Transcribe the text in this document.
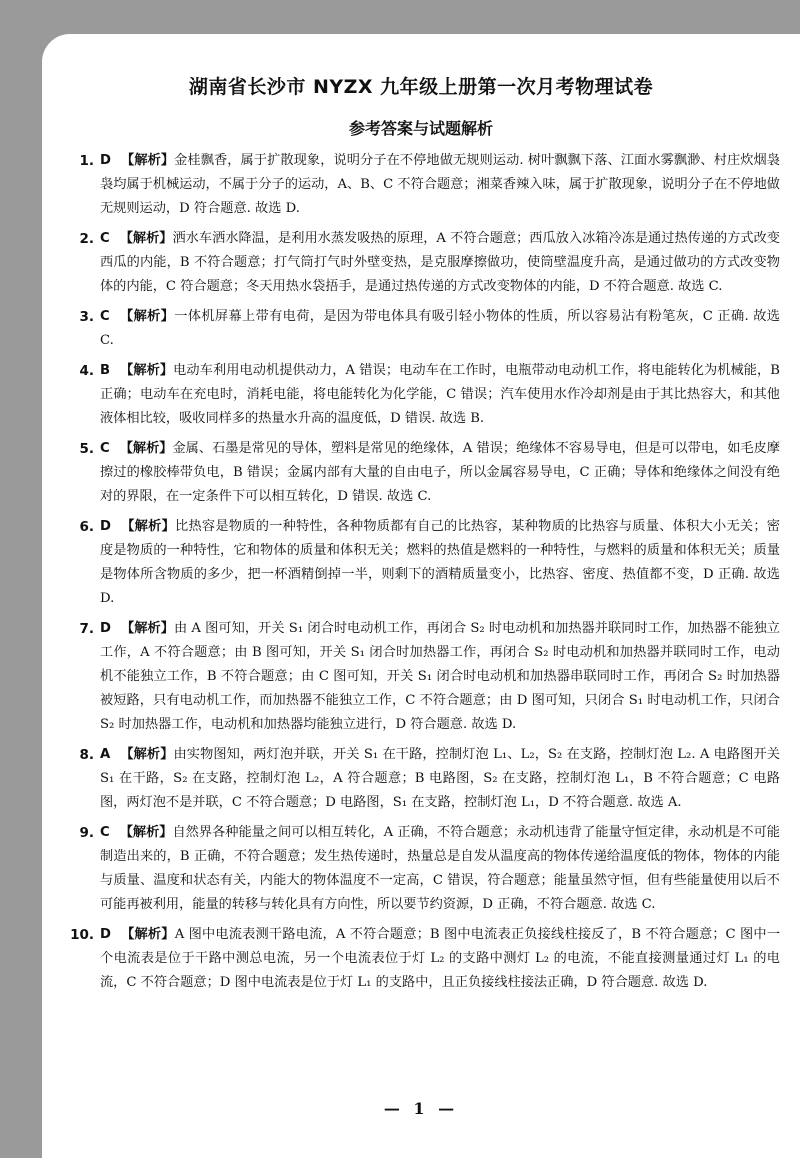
湖南省长沙市 NYZX 九年级上册第一次月考物理试卷
参考答案与试题解析
1. D 【解析】金桂飘香，属于扩散现象，说明分子在不停地做无规则运动. 树叶飘飘下落、江面水雾飘渺、村庄炊烟袅袅均属于机械运动，不属于分子的运动，A、B、C 不符合题意；湘菜香辣入味，属于扩散现象，说明分子在不停地做无规则运动，D 符合题意. 故选 D.
2. C 【解析】洒水车洒水降温，是利用水蒸发吸热的原理，A 不符合题意；西瓜放入冰箱冷冻是通过热传递的方式改变西瓜的内能，B 不符合题意；打气筒打气时外壁变热，是克服摩擦做功，使筒壁温度升高，是通过做功的方式改变物体的内能，C 符合题意；冬天用热水袋捂手，是通过热传递的方式改变物体的内能，D 不符合题意. 故选 C.
3. C 【解析】一体机屏幕上带有电荷，是因为带电体具有吸引轻小物体的性质，所以容易沾有粉笔灰，C 正确. 故选 C.
4. B 【解析】电动车利用电动机提供动力，A 错误；电动车在工作时，电瓶带动电动机工作，将电能转化为机械能，B 正确；电动车在充电时，消耗电能，将电能转化为化学能，C 错误；汽车使用水作冷却剂是由于其比热容大，和其他液体相比较，吸收同样多的热量水升高的温度低，D 错误. 故选 B.
5. C 【解析】金属、石墨是常见的导体，塑料是常见的绝缘体，A 错误；绝缘体不容易导电，但是可以带电，如毛皮摩擦过的橡胶棒带负电，B 错误；金属内部有大量的自由电子，所以金属容易导电，C 正确；导体和绝缘体之间没有绝对的界限，在一定条件下可以相互转化，D 错误. 故选 C.
6. D 【解析】比热容是物质的一种特性，各种物质都有自己的比热容，某种物质的比热容与质量、体积大小无关；密度是物质的一种特性，它和物体的质量和体积无关；燃料的热值是燃料的一种特性，与燃料的质量和体积无关；质量是物体所含物质的多少，把一杯酒精倒掉一半，则剩下的酒精质量变小，比热容、密度、热值都不变，D 正确. 故选 D.
7. D 【解析】由 A 图可知，开关 S₁ 闭合时电动机工作，再闭合 S₂ 时电动机和加热器并联同时工作，加热器不能独立工作，A 不符合题意；由 B 图可知，开关 S₁ 闭合时加热器工作，再闭合 S₂ 时电动机和加热器并联同时工作，电动机不能独立工作，B 不符合题意；由 C 图可知，开关 S₁ 闭合时电动机和加热器串联同时工作，再闭合 S₂ 时加热器被短路，只有电动机工作，而加热器不能独立工作，C 不符合题意；由 D 图可知，只闭合 S₁ 时电动机工作，只闭合 S₂ 时加热器工作，电动机和加热器均能独立进行，D 符合题意. 故选 D.
8. A 【解析】由实物图知，两灯泡并联，开关 S₁ 在干路，控制灯泡 L₁、L₂，S₂ 在支路，控制灯泡 L₂. A 电路图开关 S₁ 在干路，S₂ 在支路，控制灯泡 L₂，A 符合题意；B 电路图，S₂ 在支路，控制灯泡 L₁，B 不符合题意；C 电路图，两灯泡不是并联，C 不符合题意；D 电路图，S₁ 在支路，控制灯泡 L₁，D 不符合题意. 故选 A.
9. C 【解析】自然界各种能量之间可以相互转化，A 正确，不符合题意；永动机违背了能量守恒定律，永动机是不可能制造出来的，B 正确，不符合题意；发生热传递时，热量总是自发从温度高的物体传递给温度低的物体，物体的内能与质量、温度和状态有关，内能大的物体温度不一定高，C 错误，符合题意；能量虽然守恒，但有些能量使用以后不可能再被利用，能量的转移与转化具有方向性，所以要节约资源，D 正确，不符合题意. 故选 C.
10. D 【解析】A 图中电流表测干路电流，A 不符合题意；B 图中电流表正负接线柱接反了，B 不符合题意；C 图中一个电流表是位于干路中测总电流，另一个电流表位于灯 L₂ 的支路中测灯 L₂ 的电流，不能直接测量通过灯 L₁ 的电流，C 不符合题意；D 图中电流表是位于灯 L₁ 的支路中，且正负接线柱接法正确，D 符合题意. 故选 D.
— 1 —
